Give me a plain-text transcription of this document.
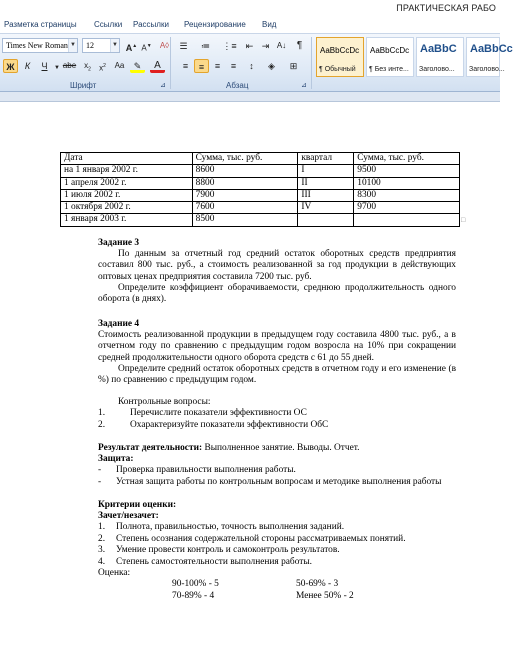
ПРАКТИЧЕСКАЯ РАБО
Разметка страницы Ссылки Рассылки Рецензирование Вид
Times New Roman ▼	12	▼ A▲ A▼	A◊
Ж	К	Ч	▼ abe $x_2$	$x^2$	Aa	✎	A
Шрифт	⊿
☰	≔	⋮≡	⇤ ⇥ A↓	¶
≡	≡	≡	≡	↕	◈	⊞
Абзац	⊿
AaBbCcDc
¶ Обычный
AaBbCcDc
¶ Без инте...
AaBbC
Заголово...
AaBbCc
Заголово...
Дата	Сумма, тыс. руб.	квартал	Сумма, тыс. руб.
на 1 января 2002 г.	8600	I	9500
1 апреля 2002 г.	8800	II	10100
1 июля 2002 г.	7900	III	8300
1 октября 2002 г.	7600	IV	9700
1 января 2003 г.	8500			□
Задание 3
По данным за отчетный год средний остаток оборотных средств предприятия составил 800 тыс. руб., а стоимость реализованной за год продукции в действующих оптовых ценах предприятия составила 7200 тыс. руб.
Определите коэффициент оборачиваемости, среднюю продолжительность одного оборота (в днях).
Задание 4
Стоимость реализованной продукции в предыдущем году составила 4800 тыс. руб., а в отчетном году по сравнению с предыдущим годом возросла на 10% при сокращении средней продолжительности одного оборота средств с 61 до 55 дней.
Определите средний остаток оборотных средств в отчетном году и его изменение (в %) по сравнению с предыдущим годом.
Контрольные вопросы:
1.	Перечислите показатели эффективности ОС
2.	Охарактеризуйте показатели эффективности ОбС
Результат деятельности: Выполненное занятие. Выводы. Отчет.
Защита:
- Проверка правильности выполнения работы.
-	Устная защита работы по контрольным вопросам и методике выполнения работы
Критерии оценки:
Зачет/незачет:
1. Полнота, правильностью, точность выполнения заданий.
2. Степень осознания содержательной стороны рассматриваемых понятий.
3. Умение провести контроль и самоконтроль результатов.
4. Степень самостоятельности выполнения работы.
Оценка:
90-100% - 5	50-69% - 3
70-89% - 4	Менее 50% - 2
